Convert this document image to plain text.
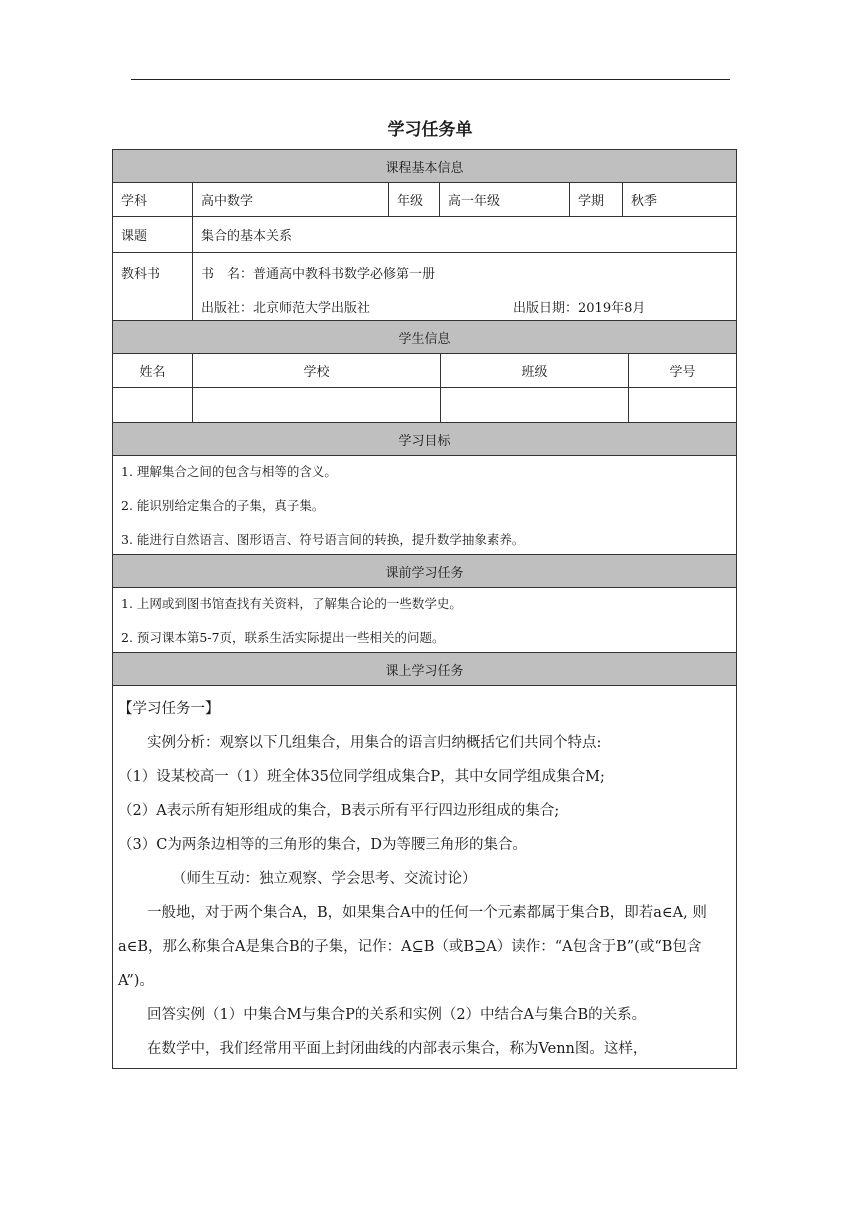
学习任务单
课程基本信息
学科	高中数学	年级	高一年级	学期	秋季
课题	集合的基本关系
教科书	书　名：普通高中教科书数学必修第一册
出版社：北京师范大学出版社	出版日期：2019年8月
学生信息
姓名	学校	班级	学号
学习目标
1. 理解集合之间的包含与相等的含义。
2. 能识别给定集合的子集，真子集。
3. 能进行自然语言、图形语言、符号语言间的转换，提升数学抽象素养。
课前学习任务
1. 上网或到图书馆查找有关资料，了解集合论的一些数学史。
2. 预习课本第5-7页，联系生活实际提出一些相关的问题。
课上学习任务

【学习任务一】

实例分析：观察以下几组集合，用集合的语言归纳概括它们共同个特点:

（1）设某校高一（1）班全体35位同学组成集合P，其中女同学组成集合M;

（2）A表示所有矩形组成的集合，B表示所有平行四边形组成的集合;

（3）C为两条边相等的三角形的集合，D为等腰三角形的集合。

（师生互动：独立观察、学会思考、交流讨论）

一般地，对于两个集合A，B，如果集合A中的任何一个元素都属于集合B，即若a∈A, 则a∈B，那么称集合A是集合B的子集，记作：A⊆B（或B⊇A）读作：“A包含于B”(或“B包含A”)。

回答实例（1）中集合M与集合P的关系和实例（2）中结合A与集合B的关系。

在数学中，我们经常用平面上封闭曲线的内部表示集合，称为Venn图。这样，
